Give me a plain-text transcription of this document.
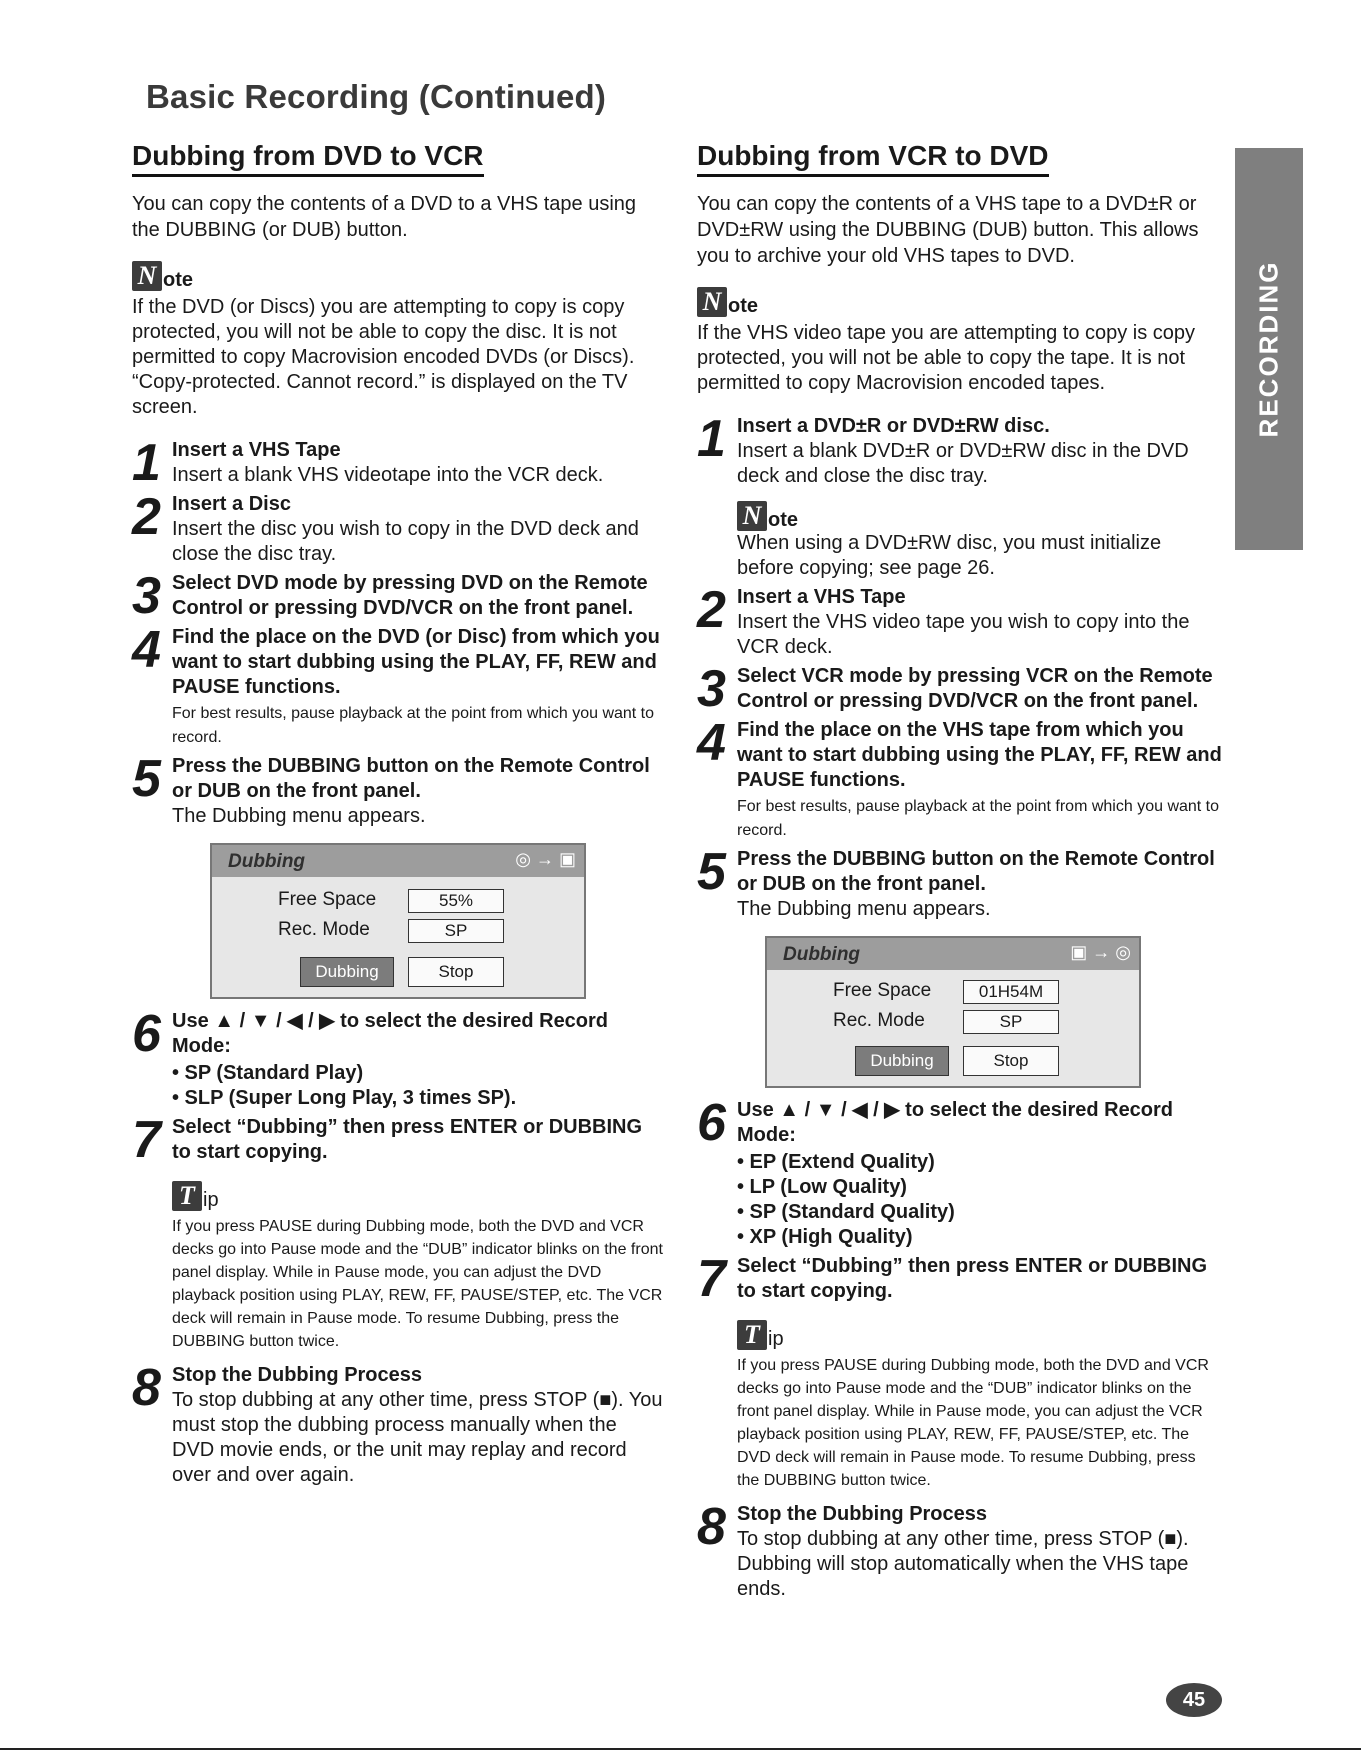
Basic Recording (Continued)
Dubbing from DVD to VCR

You can copy the contents of a DVD to a VHS tape using the DUBBING (or DUB) button.

N ote

If the DVD (or Discs) you are attempting to copy is copy protected, you will not be able to copy the disc. It is not permitted to copy Macrovision encoded DVDs (or Discs). “Copy-protected. Cannot record.” is displayed on the TV screen.

1 Insert a VHS Tape

Insert a blank VHS videotape into the VCR deck.

2 Insert a Disc

Insert the disc you wish to copy in the DVD deck and close the disc tray.

3 Select DVD mode by pressing DVD on the Remote Control or pressing DVD/VCR on the front panel.

4 Find the place on the DVD (or Disc) from which you want to start dubbing using the PLAY, FF, REW and PAUSE functions.

For best results, pause playback at the point from which you want to record.

5 Press the DUBBING button on the Remote Control or DUB on the front panel.

The Dubbing menu appears.

Dubbing	◎ → ▣
Free Space	55%
Rec. Mode	SP
Dubbing	Stop
6 Use ▲ / ▼ / ◀ / ▶ to select the desired Record Mode:

• SP (Standard Play)
• SLP (Super Long Play, 3 times SP).
7 Select “Dubbing” then press ENTER or DUBBING to start copying.

T ip

If you press PAUSE during Dubbing mode, both the DVD and VCR decks go into Pause mode and the “DUB” indicator blinks on the front panel display. While in Pause mode, you can adjust the DVD playback position using PLAY, REW, FF, PAUSE/STEP, etc. The VCR deck will remain in Pause mode. To resume Dubbing, press the DUBBING button twice.

8 Stop the Dubbing Process

To stop dubbing at any other time, press STOP (■). You must stop the dubbing process manually when the DVD movie ends, or the unit may replay and record over and over again.

Dubbing from VCR to DVD

You can copy the contents of a VHS tape to a DVD±R or DVD±RW using the DUBBING (DUB) button. This allows you to archive your old VHS tapes to DVD.

N ote

If the VHS video tape you are attempting to copy is copy protected, you will not be able to copy the tape. It is not permitted to copy Macrovision encoded tapes.

1 Insert a DVD±R or DVD±RW disc.

Insert a blank DVD±R or DVD±RW disc in the DVD deck and close the disc tray.

N ote

When using a DVD±RW disc, you must initialize before copying; see page 26.

2 Insert a VHS Tape

Insert the VHS video tape you wish to copy into the VCR deck.

3 Select VCR mode by pressing VCR on the Remote Control or pressing DVD/VCR on the front panel.

4 Find the place on the VHS tape from which you want to start dubbing using the PLAY, FF, REW and PAUSE functions.

For best results, pause playback at the point from which you want to record.

5 Press the DUBBING button on the Remote Control or DUB on the front panel.

The Dubbing menu appears.

Dubbing	▣ → ◎
Free Space	01H54M
Rec. Mode	SP
Dubbing	Stop
6 Use ▲ / ▼ / ◀ / ▶ to select the desired Record Mode:

• EP (Extend Quality)
• LP (Low Quality)
• SP (Standard Quality)
• XP (High Quality)
7 Select “Dubbing” then press ENTER or DUBBING to start copying.

T ip

If you press PAUSE during Dubbing mode, both the DVD and VCR decks go into Pause mode and the “DUB” indicator blinks on the front panel display. While in Pause mode, you can adjust the VCR playback position using PLAY, REW, FF, PAUSE/STEP, etc. The DVD deck will remain in Pause mode. To resume Dubbing, press the DUBBING button twice.

8 Stop the Dubbing Process

To stop dubbing at any other time, press STOP (■). Dubbing will stop automatically when the VHS tape ends.

RECORDING
45
